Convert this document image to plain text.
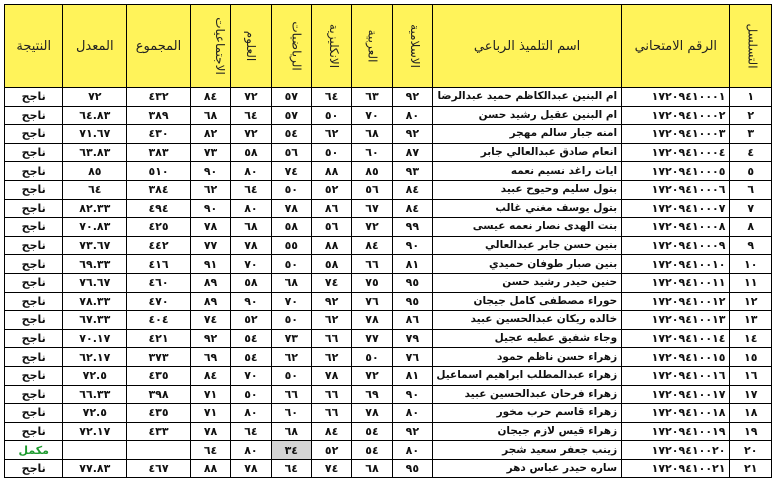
النتيجة	المعدل	المجموع	الاجتماعيات	العلوم	الرياضيات	الانكليزية	العربية	الاسلامية	اسم التلميذ الرباعي	الرقم الامتحاني	التسلسل
ناجح	٧٢	٤٣٢	٨٤	٧٢	٥٧	٦٤	٦٣	٩٢	ام البنين عبدالكاظم حميد عبدالرضا	١٧٢٠٩٤١٠٠٠١	١
ناجح	٦٤.٨٣	٣٨٩	٦٨	٦٤	٥٧	٥٠	٧٠	٨٠	ام البنين عقيل رشيد حسن	١٧٢٠٩٤١٠٠٠٢	٢
ناجح	٧١.٦٧	٤٣٠	٨٢	٧٢	٥٤	٦٢	٦٨	٩٢	امنه جبار سالم مهجر	١٧٢٠٩٤١٠٠٠٣	٣
ناجح	٦٣.٨٣	٣٨٣	٧٣	٥٨	٥٦	٥٠	٦٠	٨٧	انعام صادق عبدالعالي جابر	١٧٢٠٩٤١٠٠٠٤	٤
ناجح	٨٥	٥١٠	٩٠	٨٠	٧٤	٨٨	٨٥	٩٣	ايات راغد نسيم نعمه	١٧٢٠٩٤١٠٠٠٥	٥
ناجح	٦٤	٣٨٤	٦٢	٦٤	٥٠	٥٢	٥٦	٨٤	بتول سليم وحيوح عبيد	١٧٢٠٩٤١٠٠٠٦	٦
ناجح	٨٢.٣٣	٤٩٤	٩٠	٨٠	٧٨	٨٦	٦٧	٨٤	بتول يوسف مغني غالب	١٧٢٠٩٤١٠٠٠٧	٧
ناجح	٧٠.٨٣	٤٢٥	٧٨	٦٨	٥٨	٥٦	٧٢	٩٩	بنت الهدى نصار نعمه عيسى	١٧٢٠٩٤١٠٠٠٨	٨
ناجح	٧٣.٦٧	٤٤٢	٧٧	٧٨	٥٥	٨٨	٨٤	٩٠	بنين حسن جابر عبدالعالي	١٧٢٠٩٤١٠٠٠٩	٩
ناجح	٦٩.٣٣	٤١٦	٩١	٧٠	٥٠	٥٨	٦٦	٨١	بنين صبار طوفان حميدي	١٧٢٠٩٤١٠٠١٠	١٠
ناجح	٧٦.٦٧	٤٦٠	٨٩	٥٨	٦٨	٧٤	٧٥	٩٥	حنين حيدر رشيد حسن	١٧٢٠٩٤١٠٠١١	١١
ناجح	٧٨.٣٣	٤٧٠	٨٩	٩٠	٧٠	٩٢	٧٦	٩٥	حوراء مصطفى كامل جيجان	١٧٢٠٩٤١٠٠١٢	١٢
ناجح	٦٧.٣٣	٤٠٤	٧٤	٥٢	٥٠	٦٢	٧٨	٨٦	خالده ريكان عبدالحسين عبيد	١٧٢٠٩٤١٠٠١٣	١٣
ناجح	٧٠.١٧	٤٢١	٩٢	٥٤	٧٣	٦٦	٧٧	٧٩	وجاء شفيق عطيه عجيل	١٧٢٠٩٤١٠٠١٤	١٤
ناجح	٦٢.١٧	٣٧٣	٦٩	٥٤	٦٢	٦٢	٥٠	٧٦	زهراء حسن ناظم حمود	١٧٢٠٩٤١٠٠١٥	١٥
ناجح	٧٢.٥	٤٣٥	٨٤	٧٠	٥٠	٧٨	٧٢	٨١	زهراء عبدالمطلب ابراهيم اسماعيل	١٧٢٠٩٤١٠٠١٦	١٦
ناجح	٦٦.٣٣	٣٩٨	٧١	٥٠	٦٦	٦٦	٦٩	٩٠	زهراء فرحان عبدالحسين عبيد	١٧٢٠٩٤١٠٠١٧	١٧
ناجح	٧٢.٥	٤٣٥	٧١	٨٠	٦٠	٦٦	٧٨	٨٠	زهراء قاسم حرب مخور	١٧٢٠٩٤١٠٠١٨	١٨
ناجح	٧٢.١٧	٤٣٣	٧٨	٦٤	٦٨	٨٤	٥٤	٩٢	زهراء قيس لازم جيجان	١٧٢٠٩٤١٠٠١٩	١٩
مكمل			٦٤	٨٠	٣٤	٥٢	٥٤	٨٠	زينب جعفر سعيد شجر	١٧٢٠٩٤١٠٠٢٠	٢٠
ناجح	٧٧.٨٣	٤٦٧	٨٨	٧٨	٦٤	٧٤	٦٨	٩٥	ساره حيدر عباس دهر	١٧٢٠٩٤١٠٠٢١	٢١
